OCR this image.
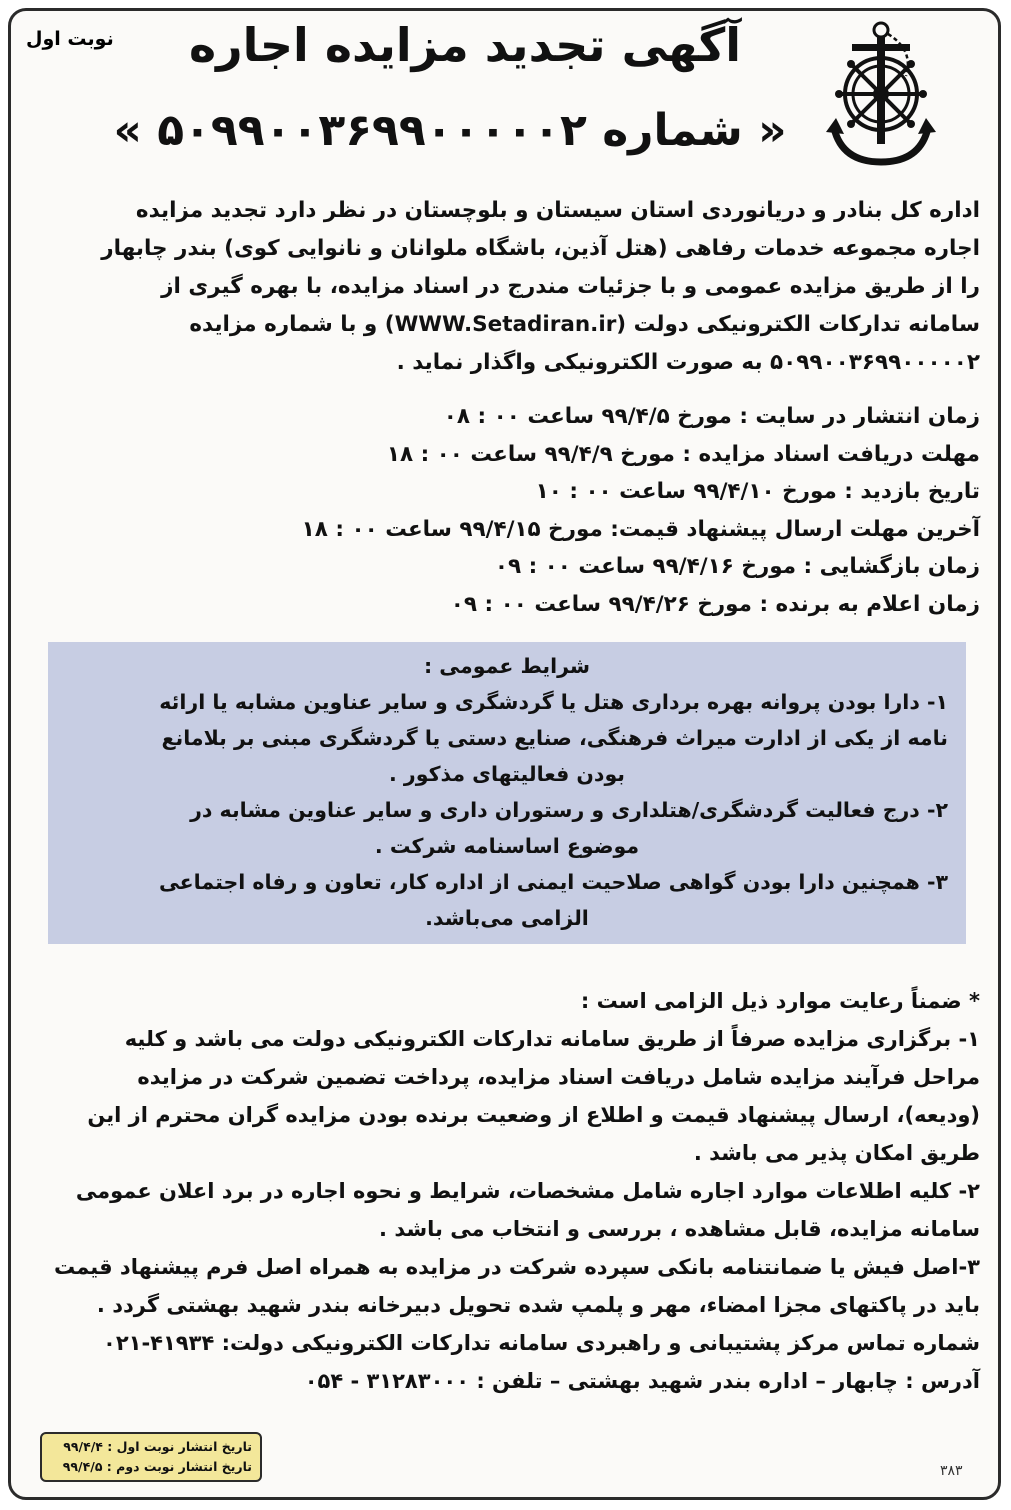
نوبت اول	آگهی تجدید مزایده اجاره
« شماره ۵۰۹۹۰۰۳۶۹۹۰۰۰۰۰۲ »
اداره کل بنادر و دریانوردی استان سیستان و بلوچستان در نظر دارد تجدید مزایده
اجاره مجموعه خدمات رفاهی (هتل آذین، باشگاه ملوانان و نانوایی کوی) بندر چابهار
را از طریق مزایده عمومی و با جزئیات مندرج در اسناد مزایده، با بهره گیری از
سامانه تدارکات الکترونیکی دولت (WWW.Setadiran.ir) و با شماره مزایده
۵۰۹۹۰۰۳۶۹۹۰۰۰۰۰۲ به صورت الکترونیکی واگذار نماید .
زمان انتشار در سایت : مورخ ۹۹/۴/۵ ساعت ۰۰ : ۰۸
مهلت دریافت اسناد مزایده : مورخ ۹۹/۴/۹ ساعت ۰۰ : ۱۸
تاریخ بازدید : مورخ ۹۹/۴/۱۰ ساعت ۰۰ : ۱۰
آخرین مهلت ارسال پیشنهاد قیمت: مورخ ۹۹/۴/۱۵ ساعت ۰۰ : ۱۸
زمان بازگشایی : مورخ ۹۹/۴/۱۶ ساعت ۰۰ : ۰۹
زمان اعلام به برنده : مورخ ۹۹/۴/۲۶ ساعت ۰۰ : ۰۹
شرایط عمومی :
۱- دارا بودن پروانه بهره برداری هتل یا گردشگری و سایر عناوین مشابه یا ارائه
نامه از یکی از ادارت میراث فرهنگی، صنایع دستی یا گردشگری مبنی بر بلامانع
بودن فعالیتهای مذکور .
۲- درج فعالیت گردشگری/هتلداری و رستوران داری و سایر عناوین مشابه در
موضوع اساسنامه شرکت .
۳- همچنین دارا بودن گواهی صلاحیت ایمنی از اداره کار، تعاون و رفاه اجتماعی
الزامی می‌باشد.
* ضمناً رعایت موارد ذیل الزامی است :
۱- برگزاری مزایده صرفاً از طریق سامانه تدارکات الکترونیکی دولت می باشد و کلیه
مراحل فرآیند مزایده شامل دریافت اسناد مزایده، پرداخت تضمین شرکت در مزایده
(ودیعه)، ارسال پیشنهاد قیمت و اطلاع از وضعیت برنده بودن مزایده گران محترم از این
طریق امکان پذیر می باشد .
۲- کلیه اطلاعات موارد اجاره شامل مشخصات، شرایط و نحوه اجاره در برد اعلان عمومی
سامانه مزایده، قابل مشاهده ، بررسی و انتخاب می باشد .
۳-اصل فیش یا ضمانتنامه بانکی سپرده شرکت در مزایده به همراه اصل فرم پیشنهاد قیمت
باید در پاکتهای مجزا امضاء، مهر و پلمپ شده تحویل دبیرخانه بندر شهید بهشتی گردد .
شماره تماس مرکز پشتیبانی و راهبردی سامانه تدارکات الکترونیکی دولت: ۴۱۹۳۴-۰۲۱
آدرس : چابهار – اداره بندر شهید بهشتی – تلفن : ۳۱۲۸۳۰۰۰ - ۰۵۴
تاریخ انتشار نوبت اول : ۹۹/۴/۴
تاریخ انتشار نوبت دوم : ۹۹/۴/۵	۳۸۳
